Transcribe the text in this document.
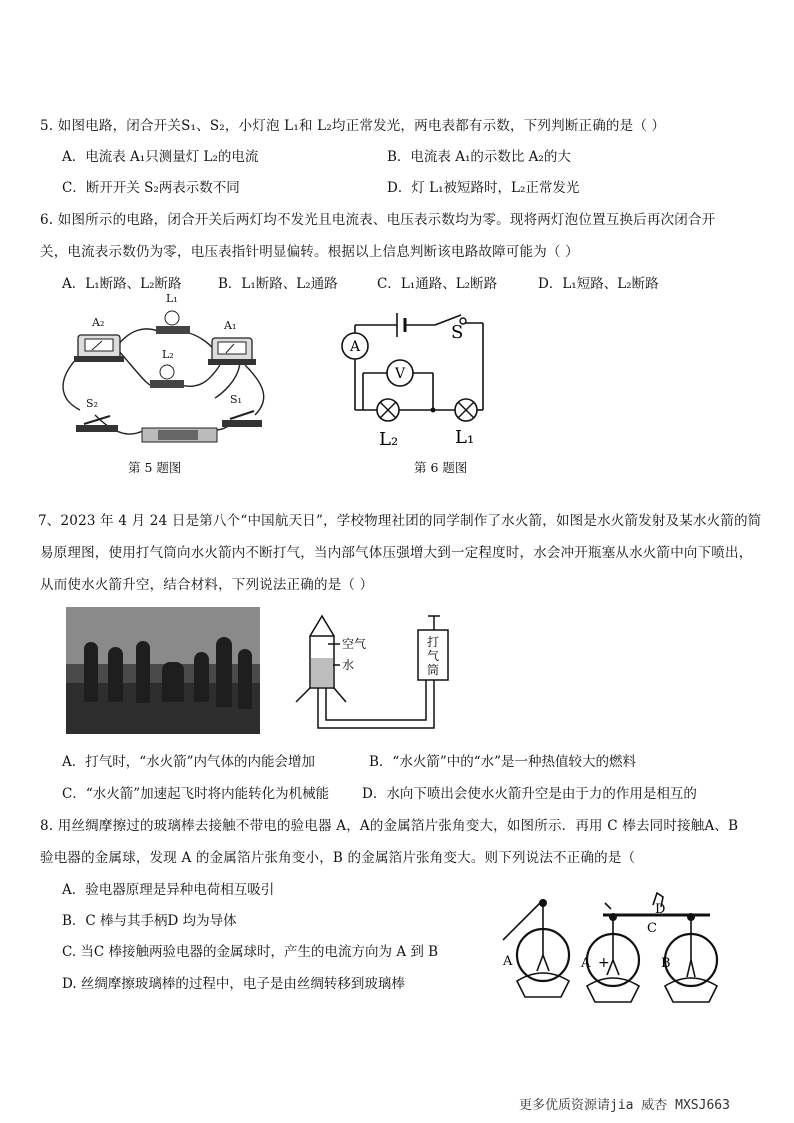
5. 如图电路，闭合开关S₁、S₂，小灯泡 L₁和 L₂均正常发光，两电表都有示数，下列判断正确的是（ ）
A．电流表 A₁只测量灯 L₂的电流	B．电流表 A₁的示数比 A₂的大
C．断开开关 S₂两表示数不同	D．灯 L₁被短路时，L₂正常发光
6. 如图所示的电路，闭合开关后两灯均不发光且电流表、电压表示数均为零。现将两灯泡位置互换后再次闭合开
关，电流表示数仍为零，电压表指针明显偏转。根据以上信息判断该电路故障可能为（ ）
A．L₁断路、L₂断路	B．L₁断路、L₂通路	C．L₁通路、L₂断路	D．L₁短路、L₂断路
A₂
L₁
L₂
A₁
S₂	S₁
第 5 题图
A
V
S
L₂	L₁
第 6 题图
7、2023 年 4 月 24 日是第八个“中国航天日”，学校物理社团的同学制作了水火箭，如图是水火箭发射及某水火箭的简
易原理图，使用打气筒向水火箭内不断打气，当内部气体压强增大到一定程度时，水会冲开瓶塞从水火箭中向下喷出，
从而使水火箭升空，结合材料，下列说法正确的是（ ）
空气
水
打 气 筒
A．打气时，“水火箭”内气体的内能会增加	B．“水火箭”中的“水”是一种热值较大的燃料
C．“水火箭”加速起飞时将内能转化为机械能 D．水向下喷出会使水火箭升空是由于力的作用是相互的
8. 用丝绸摩擦过的玻璃棒去接触不带电的验电器 A，A的金属箔片张角变大，如图所示．再用 C 棒去同时接触A、B
验电器的金属球，发现 A 的金属箔片张角变小，B 的金属箔片张角变大。则下列说法不正确的是（
A．验电器原理是异种电荷相互吸引
B．C 棒与其手柄D 均为导体
C. 当C 棒接触两验电器的金属球时，产生的电流方向为 A 到 B
D. 丝绸摩擦玻璃棒的过程中，电子是由丝绸转移到玻璃棒
+
A	A	B
C
D
更多优质资源请jia 威杏 MXSJ663
